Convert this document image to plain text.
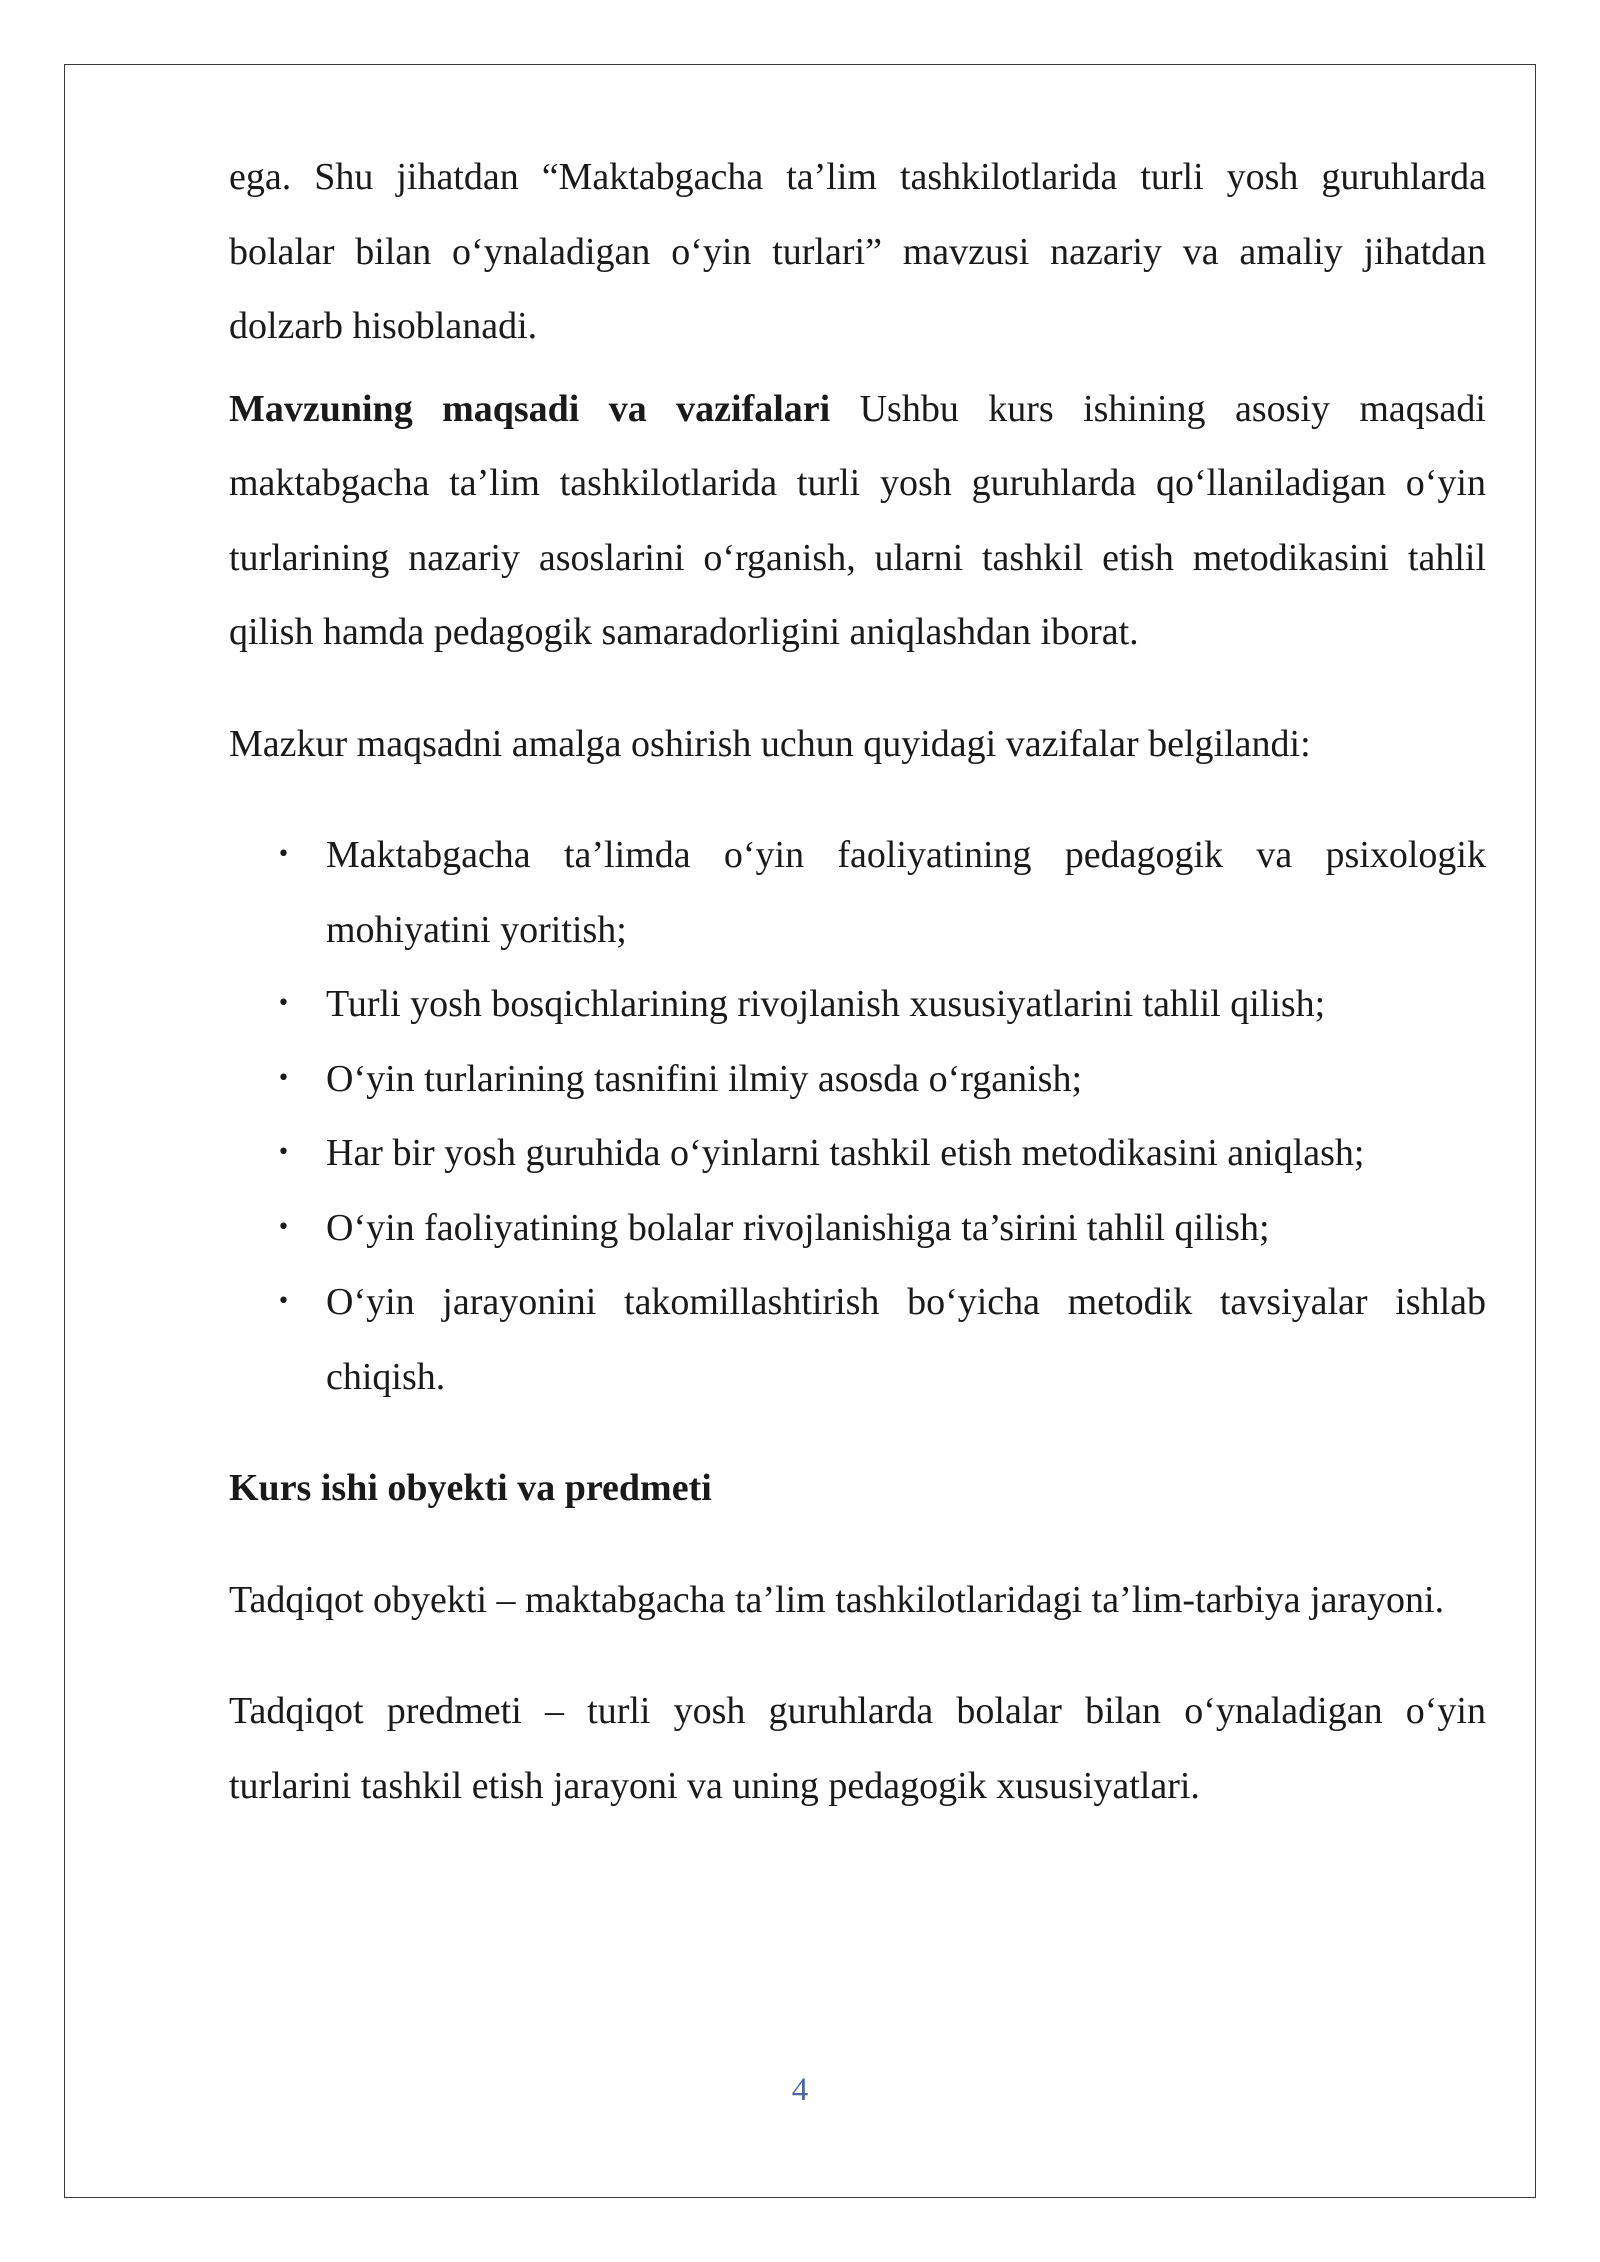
ega. Shu jihatdan “Maktabgacha ta’lim tashkilotlarida turli yosh guruhlarda bolalar bilan o‘ynaladigan o‘yin turlari” mavzusi nazariy va amaliy jihatdan dolzarb hisoblanadi.

Mavzuning maqsadi va vazifalari Ushbu kurs ishining asosiy maqsadi maktabgacha ta’lim tashkilotlarida turli yosh guruhlarda qo‘llaniladigan o‘yin turlarining nazariy asoslarini o‘rganish, ularni tashkil etish metodikasini tahlil qilish hamda pedagogik samaradorligini aniqlashdan iborat.

Mazkur maqsadni amalga oshirish uchun quyidagi vazifalar belgilandi:

• Maktabgacha ta’limda o‘yin faoliyatining pedagogik va psixologik mohiyatini yoritish;
• Turli yosh bosqichlarining rivojlanish xususiyatlarini tahlil qilish;
• O‘yin turlarining tasnifini ilmiy asosda o‘rganish;
• Har bir yosh guruhida o‘yinlarni tashkil etish metodikasini aniqlash;
• O‘yin faoliyatining bolalar rivojlanishiga ta’sirini tahlil qilish;
• O‘yin jarayonini takomillashtirish bo‘yicha metodik tavsiyalar ishlab chiqish.
Kurs ishi obyekti va predmeti

Tadqiqot obyekti – maktabgacha ta’lim tashkilotlaridagi ta’lim-tarbiya jarayoni.

Tadqiqot predmeti – turli yosh guruhlarda bolalar bilan o‘ynaladigan o‘yin turlarini tashkil etish jarayoni va uning pedagogik xususiyatlari.

4
